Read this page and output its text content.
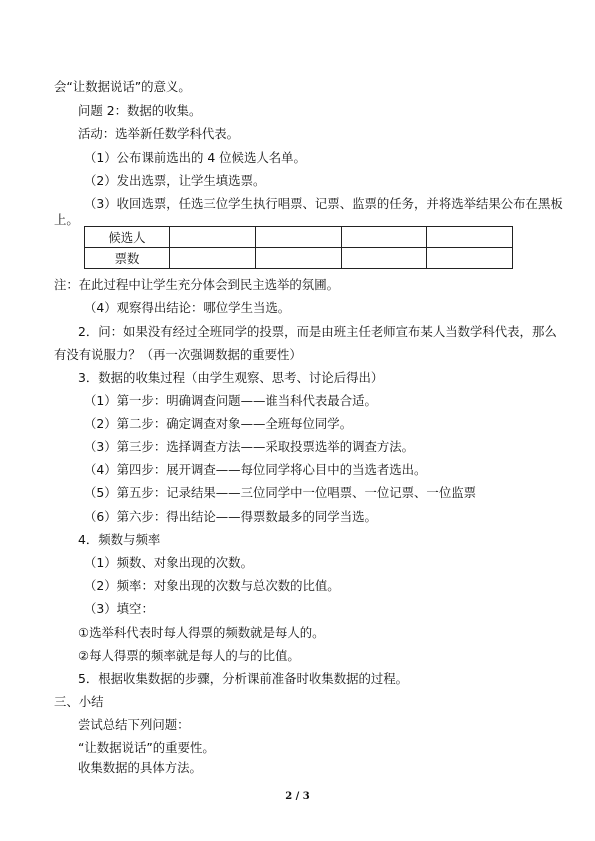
会“让数据说话”的意义。
问题 2：数据的收集。
活动：选举新任数学科代表。
（1）公布课前选出的 4 位候选人名单。
（2）发出选票，让学生填选票。
（3）收回选票，任选三位学生执行唱票、记票、监票的任务，并将选举结果公布在黑板
上。
候选人				
票数				
注：在此过程中让学生充分体会到民主选举的氛圃。
（4）观察得出结论：哪位学生当选。
2．问：如果没有经过全班同学的投票，而是由班主任老师宣布某人当数学科代表，那么
有没有说服力？（再一次强调数据的重要性）
3．数据的收集过程（由学生观察、思考、讨论后得出）
（1）第一步：明确调查问题——谁当科代表最合适。
（2）第二步：确定调查对象——全班每位同学。
（3）第三步：选择调查方法——采取投票选举的调查方法。
（4）第四步：展开调查——每位同学将心目中的当选者选出。
（5）第五步：记录结果——三位同学中一位唱票、一位记票、一位监票
（6）第六步：得出结论——得票数最多的同学当选。
4．频数与频率
（1）频数、对象出现的次数。
（2）频率：对象出现的次数与总次数的比值。
（3）填空：
①选举科代表时每人得票的频数就是每人的。
②每人得票的频率就是每人的与的比值。
5．根据收集数据的步骤，分析课前准备时收集数据的过程。
三、小结
尝试总结下列问题：
“让数据说话”的重要性。
收集数据的具体方法。
2 / 3
